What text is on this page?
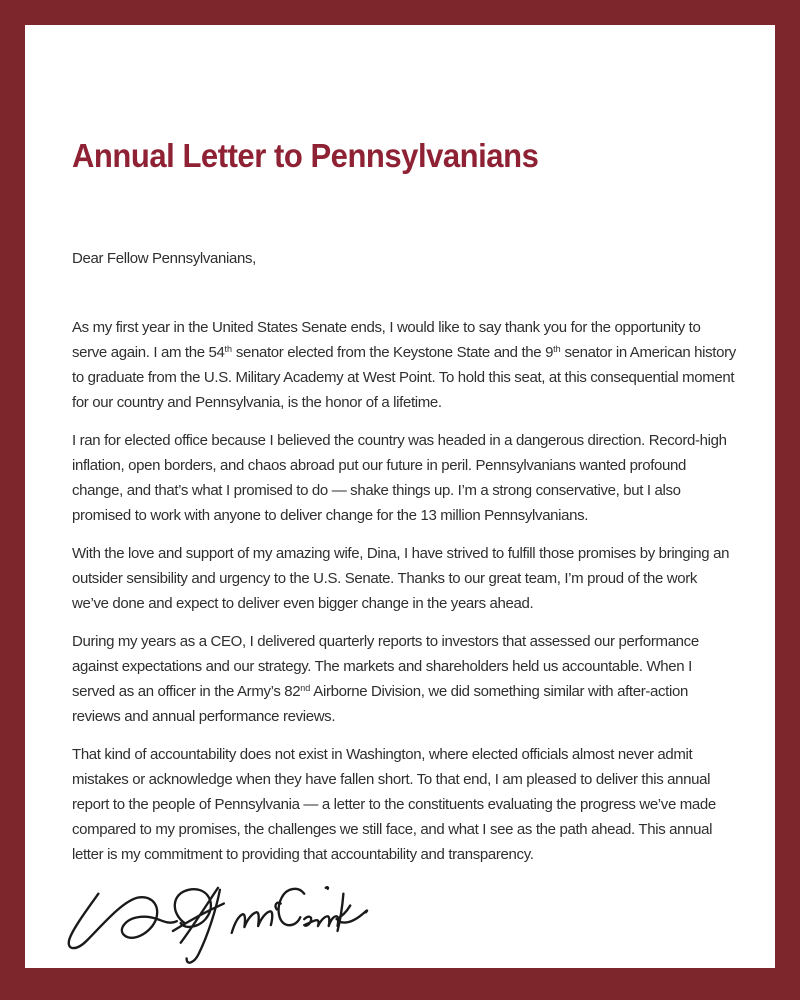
Annual Letter to Pennsylvanians

Dear Fellow Pennsylvanians,

As my first year in the United States Senate ends, I would like to say thank you for the opportunity to serve again. I am the 54th senator elected from the Keystone State and the 9th senator in American history to graduate from the U.S. Military Academy at West Point. To hold this seat, at this consequential moment for our country and Pennsylvania, is the honor of a lifetime.

I ran for elected office because I believed the country was headed in a dangerous direction. Record-high inflation, open borders, and chaos abroad put our future in peril. Pennsylvanians wanted profound change, and that’s what I promised to do — shake things up. I’m a strong conservative, but I also promised to work with anyone to deliver change for the 13 million Pennsylvanians.

With the love and support of my amazing wife, Dina, I have strived to fulfill those promises by bringing an outsider sensibility and urgency to the U.S. Senate. Thanks to our great team, I’m proud of the work we’ve done and expect to deliver even bigger change in the years ahead.

During my years as a CEO, I delivered quarterly reports to investors that assessed our performance against expectations and our strategy. The markets and shareholders held us accountable. When I served as an officer in the Army’s 82nd Airborne Division, we did something similar with after-action reviews and annual performance reviews.

That kind of accountability does not exist in Washington, where elected officials almost never admit mistakes or acknowledge when they have fallen short. To that end, I am pleased to deliver this annual report to the people of Pennsylvania — a letter to the constituents evaluating the progress we’ve made compared to my promises, the challenges we still face, and what I see as the path ahead. This annual letter is my commitment to providing that accountability and transparency.
